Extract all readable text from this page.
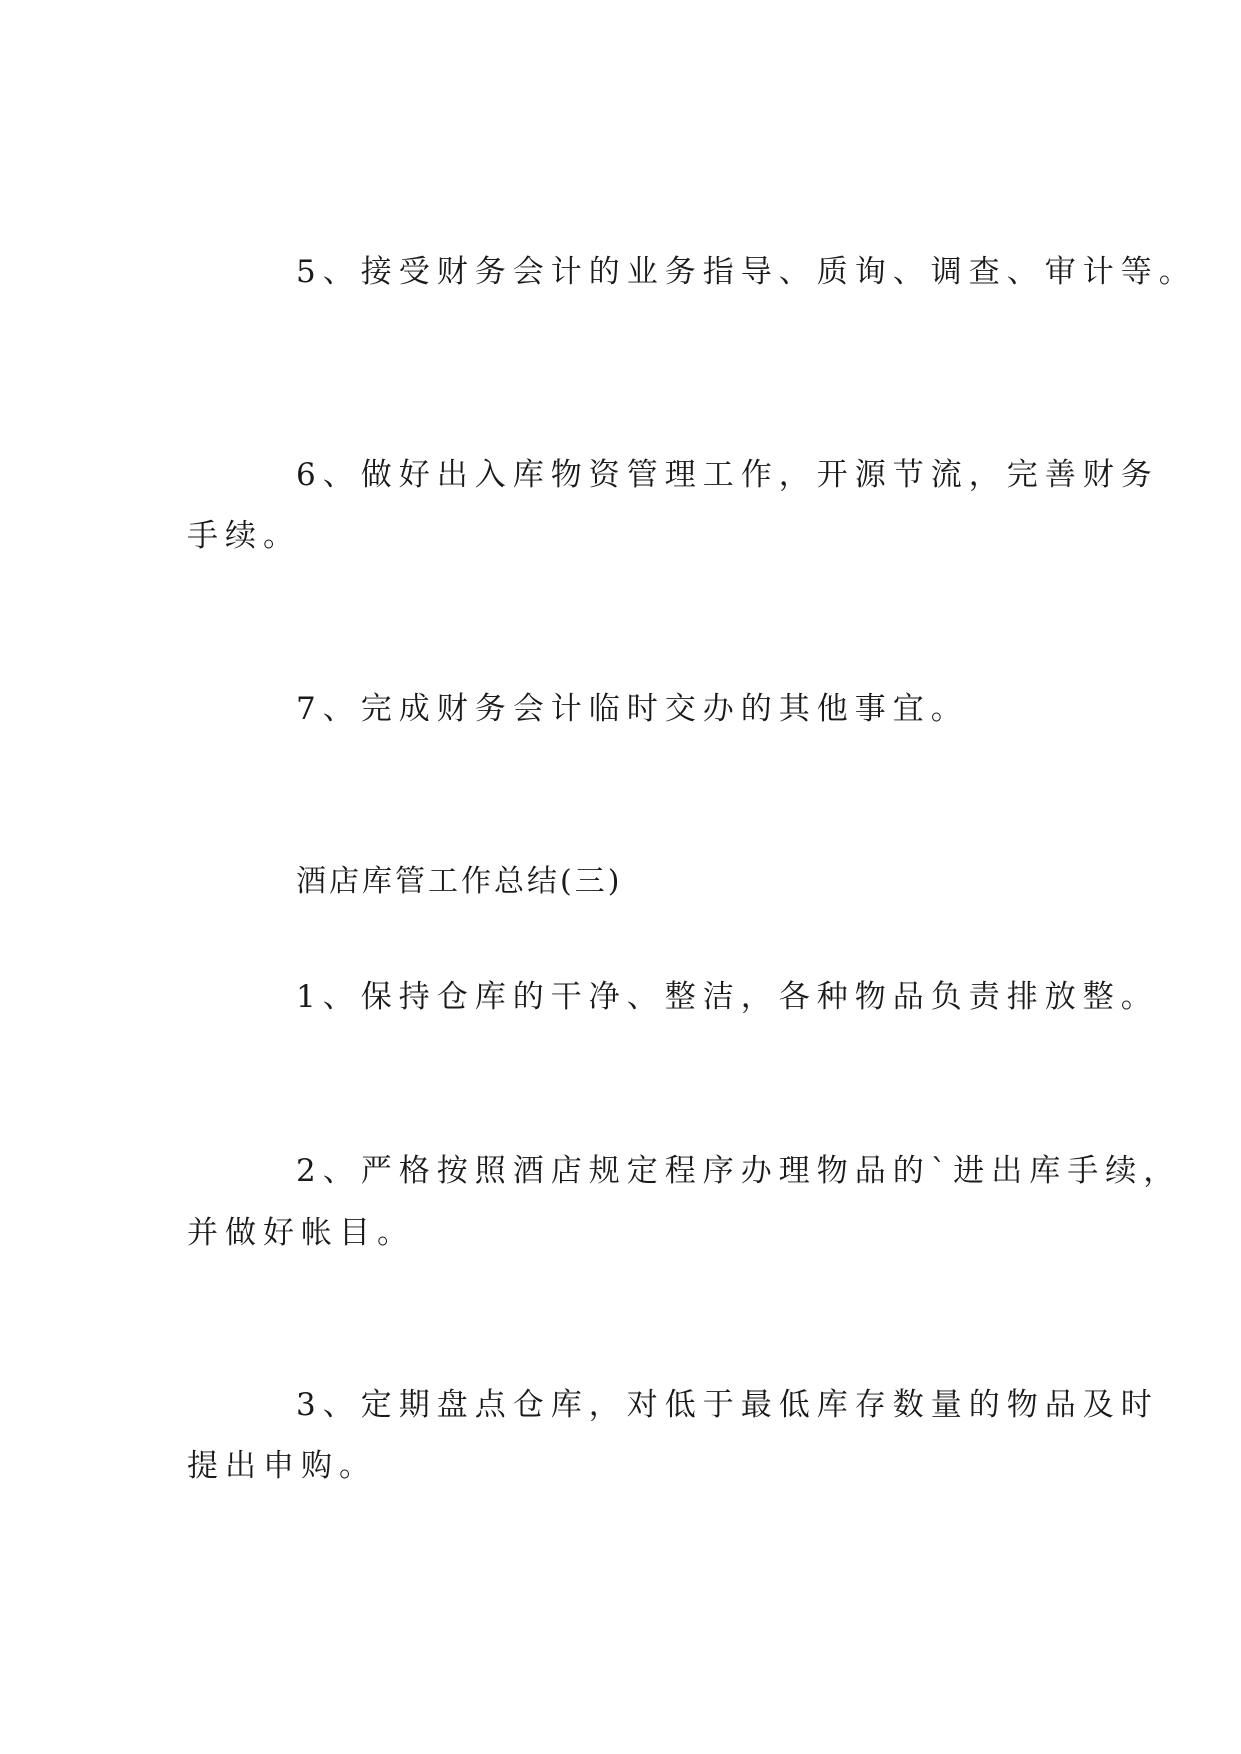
5、接受财务会计的业务指导、质询、调查、审计等。
6、做好出入库物资管理工作，开源节流，完善财务
手续。
7、完成财务会计临时交办的其他事宜。
酒店库管工作总结(三)
1、保持仓库的干净、整洁，各种物品负责排放整。
2、严格按照酒店规定程序办理物品的`进出库手续，
并做好帐目。
3、定期盘点仓库，对低于最低库存数量的物品及时
提出申购。
